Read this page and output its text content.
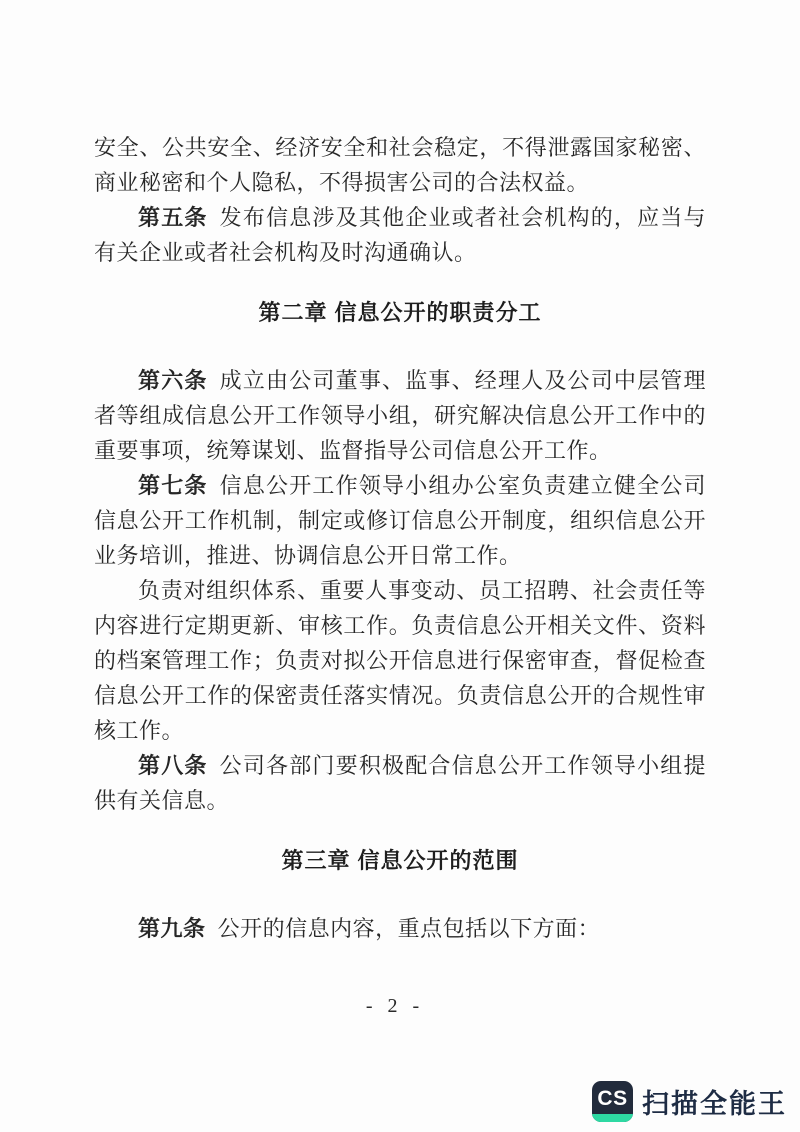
安全、公共安全、经济安全和社会稳定，不得泄露国家秘密、商业秘密和个人隐私，不得损害公司的合法权益。

第五条 发布信息涉及其他企业或者社会机构的，应当与有关企业或者社会机构及时沟通确认。

第二章 信息公开的职责分工

第六条 成立由公司董事、监事、经理人及公司中层管理者等组成信息公开工作领导小组，研究解决信息公开工作中的重要事项，统筹谋划、监督指导公司信息公开工作。

第七条 信息公开工作领导小组办公室负责建立健全公司信息公开工作机制，制定或修订信息公开制度，组织信息公开业务培训，推进、协调信息公开日常工作。

负责对组织体系、重要人事变动、员工招聘、社会责任等内容进行定期更新、审核工作。负责信息公开相关文件、资料的档案管理工作；负责对拟公开信息进行保密审查，督促检查信息公开工作的保密责任落实情况。负责信息公开的合规性审核工作。

第八条 公司各部门要积极配合信息公开工作领导小组提供有关信息。

第三章 信息公开的范围

第九条 公开的信息内容，重点包括以下方面：

- 2 -
CS 扫描全能王
